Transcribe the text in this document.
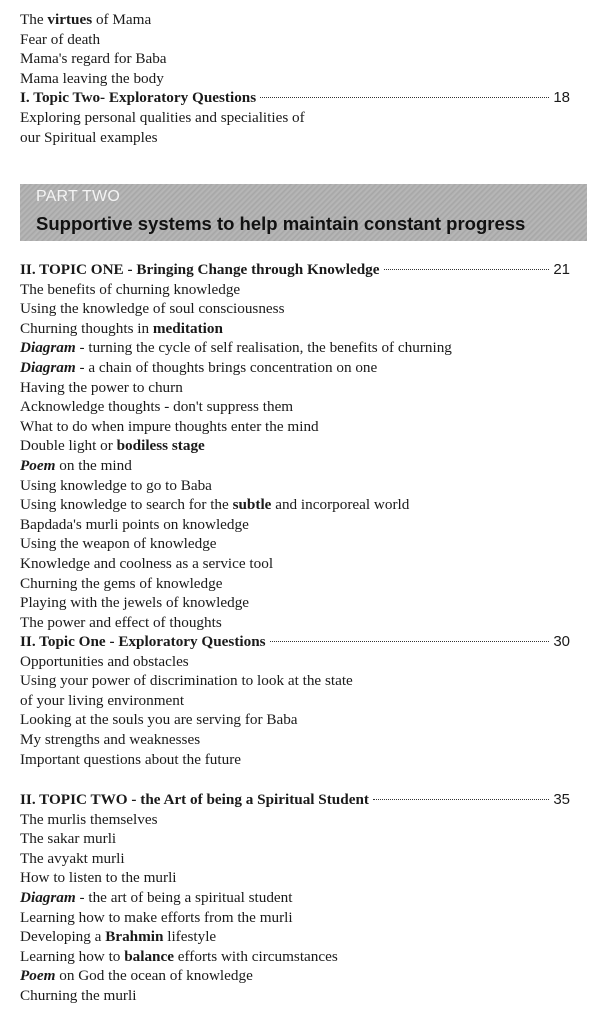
The virtues of Mama
Fear of death
Mama's regard for Baba
Mama leaving the body
I. Topic Two- Exploratory Questions	18
Exploring personal qualities and specialities of
our Spiritual examples
PART TWO
Supportive systems to help maintain constant progress
II. TOPIC ONE - Bringing Change through Knowledge	21
The benefits of churning knowledge
Using the knowledge of soul consciousness
Churning thoughts in meditation
Diagram - turning the cycle of self realisation, the benefits of churning
Diagram - a chain of thoughts brings concentration on one
Having the power to churn
Acknowledge thoughts - don't suppress them
What to do when impure thoughts enter the mind
Double light or bodiless stage
Poem on the mind
Using knowledge to go to Baba
Using knowledge to search for the subtle and incorporeal world
Bapdada's murli points on knowledge
Using the weapon of knowledge
Knowledge and coolness as a service tool
Churning the gems of knowledge
Playing with the jewels of knowledge
The power and effect of thoughts
II. Topic One - Exploratory Questions	30
Opportunities and obstacles
Using your power of discrimination to look at the state
of your living environment
Looking at the souls you are serving for Baba
My strengths and weaknesses
Important questions about the future
II. TOPIC TWO - the Art of being a Spiritual Student	35
The murlis themselves
The sakar murli
The avyakt murli
How to listen to the murli
Diagram - the art of being a spiritual student
Learning how to make efforts from the murli
Developing a Brahmin lifestyle
Learning how to balance efforts with circumstances
Poem on God the ocean of knowledge
Churning the murli
